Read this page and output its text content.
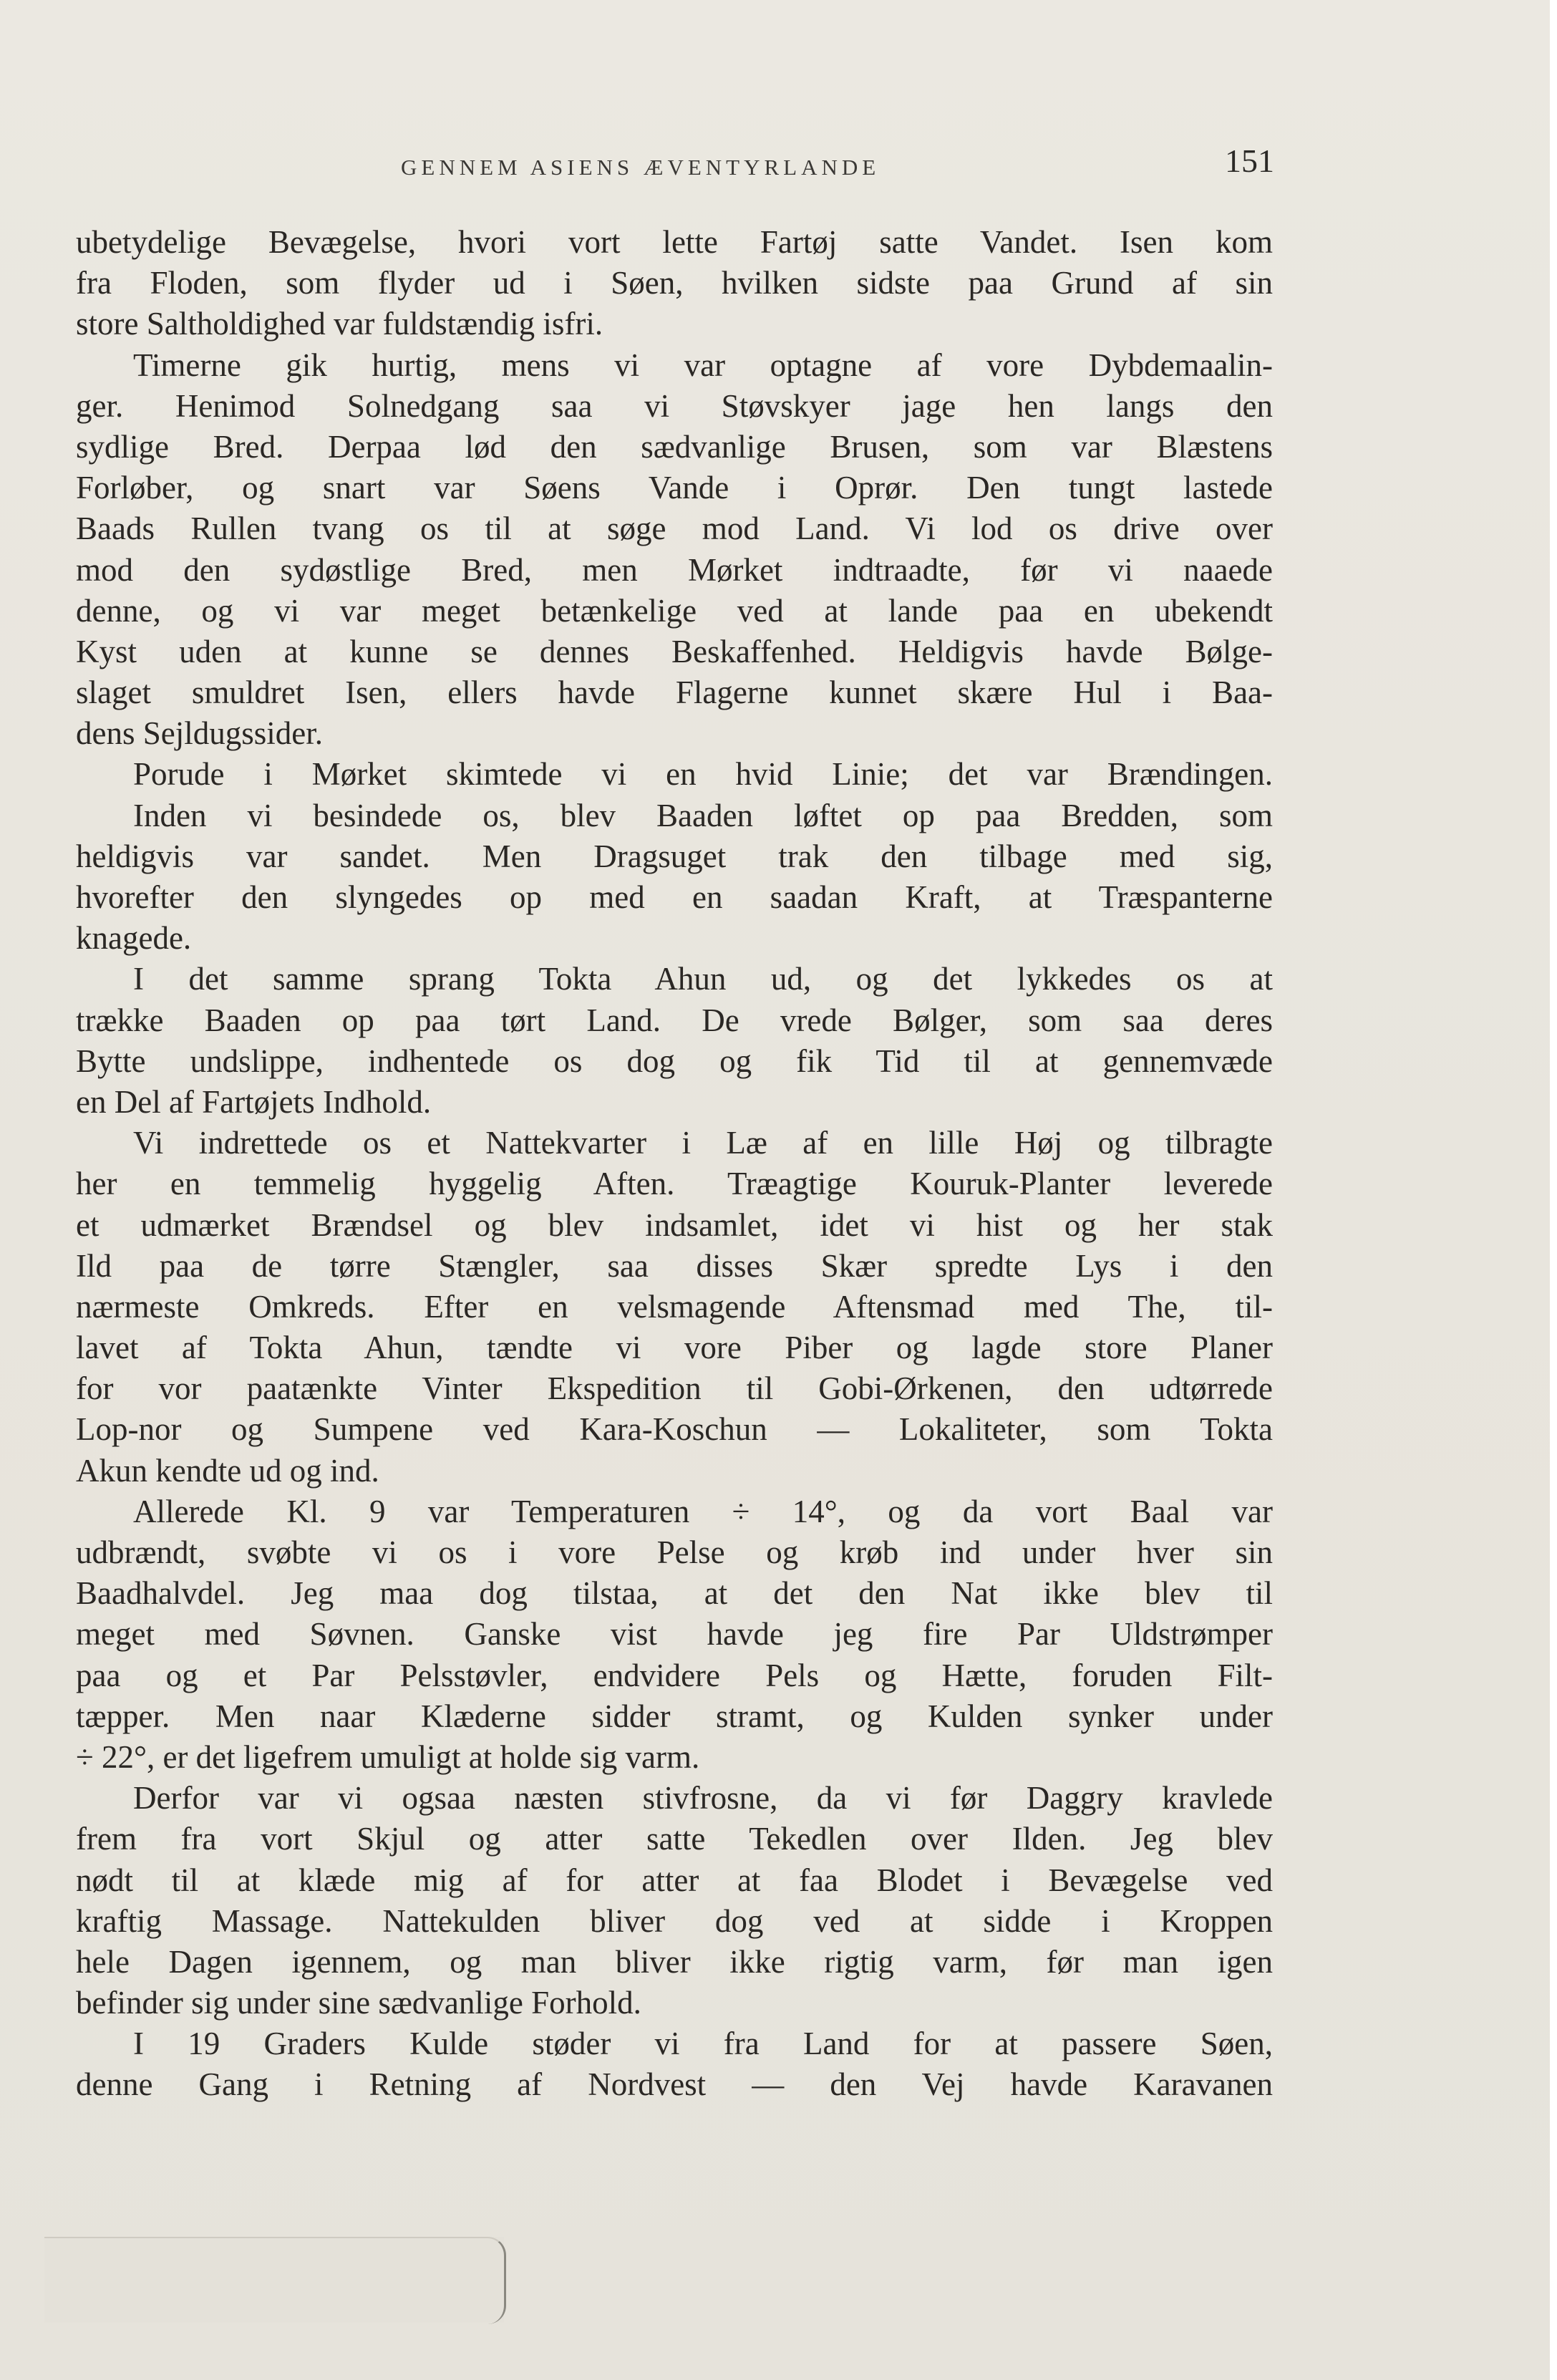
GENNEM ASIENS ÆVENTYRLANDE	151
ubetydelige Bevægelse, hvori vort lette Fartøj satte Vandet. Isen kom
fra Floden, som flyder ud i Søen, hvilken sidste paa Grund af sin
store Saltholdighed var fuldstændig isfri.
Timerne gik hurtig, mens vi var optagne af vore Dybdemaalin-
ger. Henimod Solnedgang saa vi Støvskyer jage hen langs den
sydlige Bred. Derpaa lød den sædvanlige Brusen, som var Blæstens
Forløber, og snart var Søens Vande i Oprør. Den tungt lastede
Baads Rullen tvang os til at søge mod Land. Vi lod os drive over
mod den sydøstlige Bred, men Mørket indtraadte, før vi naaede
denne, og vi var meget betænkelige ved at lande paa en ubekendt
Kyst uden at kunne se dennes Beskaffenhed. Heldigvis havde Bølge-
slaget smuldret Isen, ellers havde Flagerne kunnet skære Hul i Baa-
dens Sejldugssider.
Porude i Mørket skimtede vi en hvid Linie; det var Brændingen.
Inden vi besindede os, blev Baaden løftet op paa Bredden, som
heldigvis var sandet. Men Dragsuget trak den tilbage med sig,
hvorefter den slyngedes op med en saadan Kraft, at Træspanterne
knagede.
I det samme sprang Tokta Ahun ud, og det lykkedes os at
trække Baaden op paa tørt Land. De vrede Bølger, som saa deres
Bytte undslippe, indhentede os dog og fik Tid til at gennemvæde
en Del af Fartøjets Indhold.
Vi indrettede os et Nattekvarter i Læ af en lille Høj og tilbragte
her en temmelig hyggelig Aften. Træagtige Kouruk-Planter leverede
et udmærket Brændsel og blev indsamlet, idet vi hist og her stak
Ild paa de tørre Stængler, saa disses Skær spredte Lys i den
nærmeste Omkreds. Efter en velsmagende Aftensmad med The, til-
lavet af Tokta Ahun, tændte vi vore Piber og lagde store Planer
for vor paatænkte Vinter Ekspedition til Gobi-Ørkenen, den udtørrede
Lop-nor og Sumpene ved Kara-Koschun — Lokaliteter, som Tokta
Akun kendte ud og ind.
Allerede Kl. 9 var Temperaturen ÷ 14°, og da vort Baal var
udbrændt, svøbte vi os i vore Pelse og krøb ind under hver sin
Baadhalvdel. Jeg maa dog tilstaa, at det den Nat ikke blev til
meget med Søvnen. Ganske vist havde jeg fire Par Uldstrømper
paa og et Par Pelsstøvler, endvidere Pels og Hætte, foruden Filt-
tæpper. Men naar Klæderne sidder stramt, og Kulden synker under
÷ 22°, er det ligefrem umuligt at holde sig varm.
Derfor var vi ogsaa næsten stivfrosne, da vi før Daggry kravlede
frem fra vort Skjul og atter satte Tekedlen over Ilden. Jeg blev
nødt til at klæde mig af for atter at faa Blodet i Bevægelse ved
kraftig Massage. Nattekulden bliver dog ved at sidde i Kroppen
hele Dagen igennem, og man bliver ikke rigtig varm, før man igen
befinder sig under sine sædvanlige Forhold.
I 19 Graders Kulde støder vi fra Land for at passere Søen,
denne Gang i Retning af Nordvest — den Vej havde Karavanen
